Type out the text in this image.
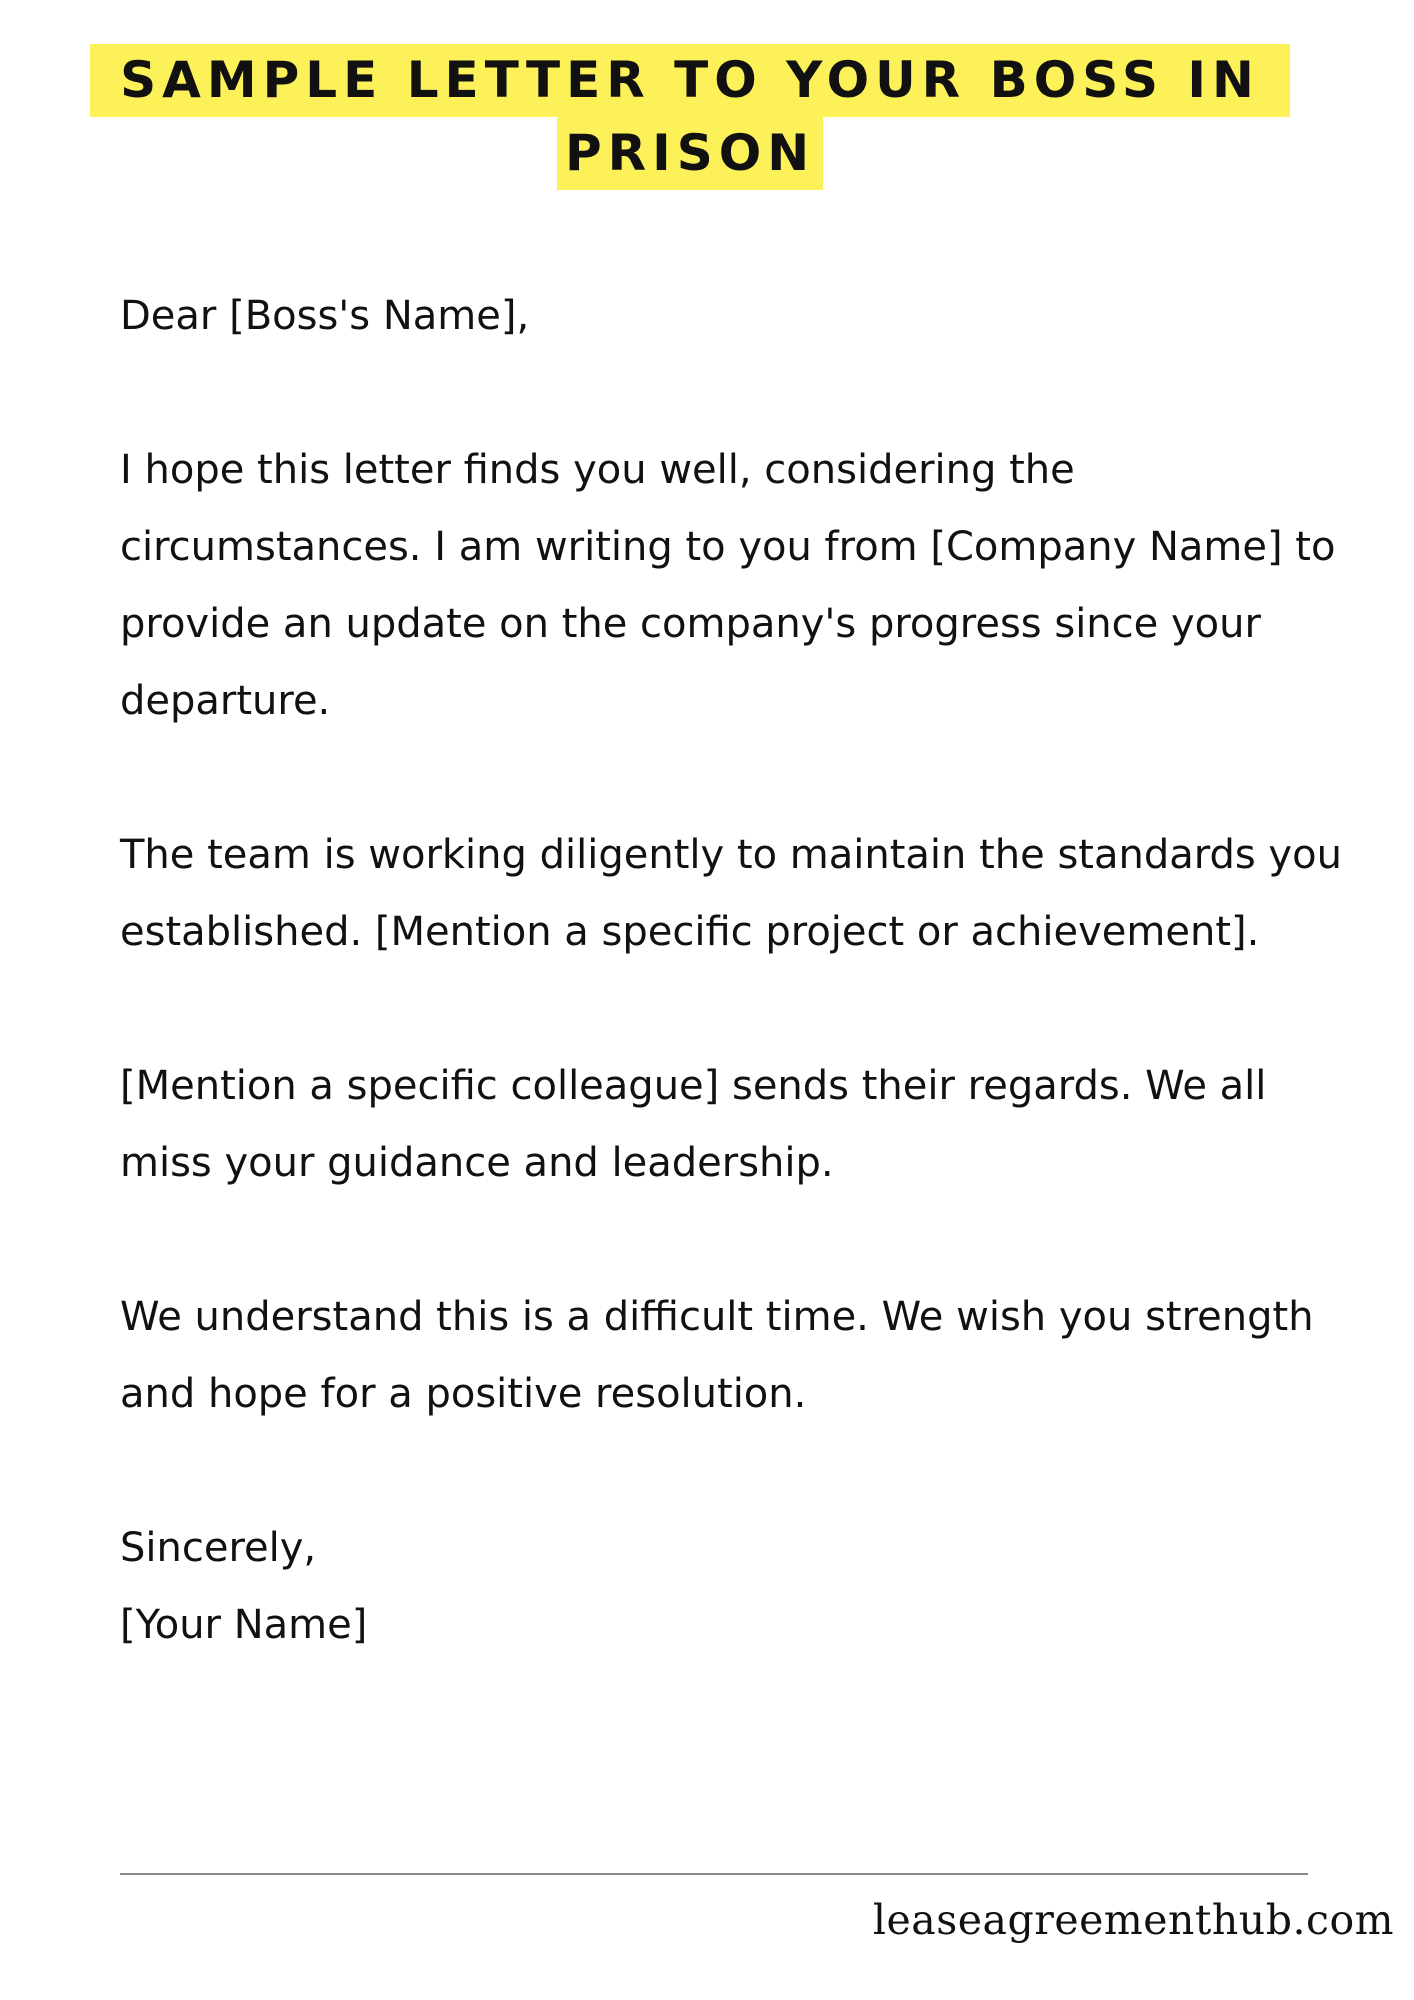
SAMPLE LETTER TO YOUR BOSS IN
PRISON

Dear [Boss's Name],

I hope this letter finds you well, considering the circumstances. I am writing to you from [Company Name] to provide an update on the company's progress since your departure.

The team is working diligently to maintain the standards you established. [Mention a specific project or achievement].

[Mention a specific colleague] sends their regards. We all miss your guidance and leadership.

We understand this is a difficult time. We wish you strength and hope for a positive resolution.

Sincerely,

[Your Name]

leaseagreementhub.com
